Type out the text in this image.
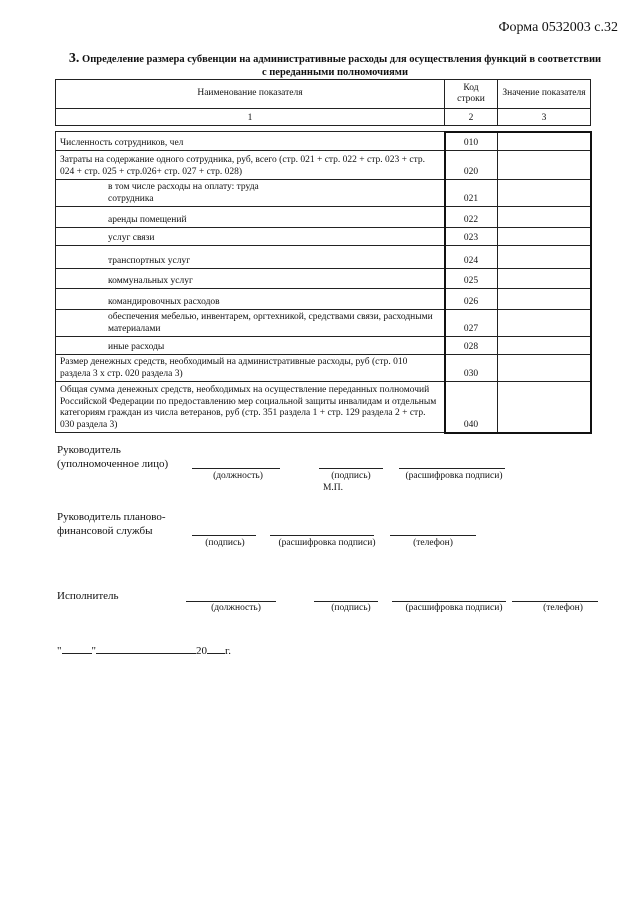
Форма 0532003 с.32
3. Определение размера субвенции на административные расходы для осуществления функций в соответствии
с переданными полномочиями
Наименование показателя	Код строки	Значение показателя
1	2	3

Численность сотрудников, чел	010	
Затраты на содержание одного сотрудника, руб, всего (стр. 021 + стр. 022 + стр. 023 + стр. 024 + стр. 025 + стр.026+ стр. 027 + стр. 028)	020	
в том числе расходы на оплату: труда сотрудника	021	
аренды помещений	022	
услуг связи	023	
транспортных услуг	024	
коммунальных услуг	025	
командировочных расходов	026	
обеспечения мебелью, инвентарем, оргтехникой, средствами связи, расходными материалами	027	
иные расходы	028	
Размер денежных средств, необходимый на административные расходы, руб (стр. 010 раздела 3 х стр. 020 раздела 3)	030	
Общая сумма денежных средств, необходимых на осуществление переданных полномочий Российской Федерации по предоставлению мер социальной защиты инвалидам и отдельным категориям граждан из числа ветеранов, руб (стр. 351 раздела 1 + стр. 129 раздела 2 + стр. 030 раздела 3)	040	
Руководитель
(уполномоченное лицо)
(должность)	(подпись)	(расшифровка подписи)
М.П.
Руководитель планово-
финансовой службы
(подпись)	(расшифровка подписи)	(телефон)
Исполнитель
(должность)	(подпись)	(расшифровка подписи)	(телефон)
"	"	20 г.
